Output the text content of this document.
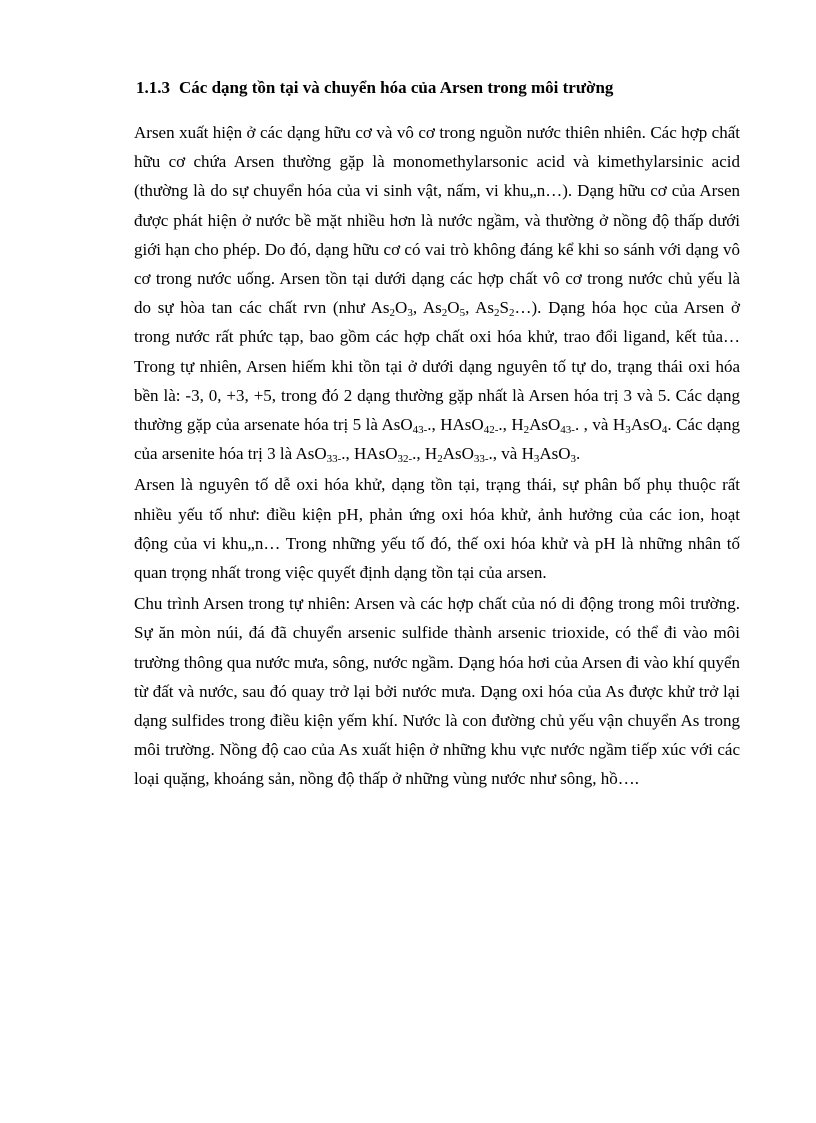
1.1.3 Các dạng tồn tại và chuyển hóa của Arsen trong môi trường

Arsen xuất hiện ở các dạng hữu cơ và vô cơ trong nguồn nước thiên nhiên. Các hợp chất hữu cơ chứa Arsen thường gặp là monomethylarsonic acid và kimethylarsinic acid (thường là do sự chuyển hóa của vi sinh vật, nấm, vi khu„n…). Dạng hữu cơ của Arsen được phát hiện ở nước bề mặt nhiều hơn là nước ngầm, và thường ở nồng độ thấp dưới giới hạn cho phép. Do đó, dạng hữu cơ có vai trò không đáng kể khi so sánh với dạng vô cơ trong nước uống. Arsen tồn tại dưới dạng các hợp chất vô cơ trong nước chủ yếu là do sự hòa tan các chất rvn (như $As_2O_3$, $As_2O_5$, $As_2S_2\dots$). Dạng hóa học của Arsen ở trong nước rất phức tạp, bao gồm các hợp chất oxi hóa khử, trao đổi ligand, kết tủa… Trong tự nhiên, Arsen hiếm khi tồn tại ở dưới dạng nguyên tố tự do, trạng thái oxi hóa bền là: -3, 0, +3, +5, trong đó 2 dạng thường gặp nhất là Arsen hóa trị 3 và 5. Các dạng thường gặp của arsenate hóa trị 5 là AsO$_{43-}$., HAsO$_{42-}$., $H_2AsO_{43-}$. , và $H_3AsO_4$. Các dạng của arsenite hóa trị 3 là AsO$_{33-}$., HAsO$_{32-}$., $H_2AsO_{33-}$., và $H_3AsO_3$.

Arsen là nguyên tố dễ oxi hóa khử, dạng tồn tại, trạng thái, sự phân bố phụ thuộc rất nhiều yếu tố như: điều kiện pH, phản ứng oxi hóa khử, ảnh hưởng của các ion, hoạt động của vi khu„n… Trong những yếu tố đó, thế oxi hóa khử và pH là những nhân tố quan trọng nhất trong việc quyết định dạng tồn tại của arsen.

Chu trình Arsen trong tự nhiên: Arsen và các hợp chất của nó di động trong môi trường. Sự ăn mòn núi, đá đã chuyển arsenic sulfide thành arsenic trioxide, có thể đi vào môi trường thông qua nước mưa, sông, nước ngầm. Dạng hóa hơi của Arsen đi vào khí quyển từ đất và nước, sau đó quay trở lại bởi nước mưa. Dạng oxi hóa của As được khử trở lại dạng sulfides trong điều kiện yếm khí. Nước là con đường chủ yếu vận chuyển As trong môi trường. Nồng độ cao của As xuất hiện ở những khu vực nước ngầm tiếp xúc với các loại quặng, khoáng sản, nồng độ thấp ở những vùng nước như sông, hồ….
